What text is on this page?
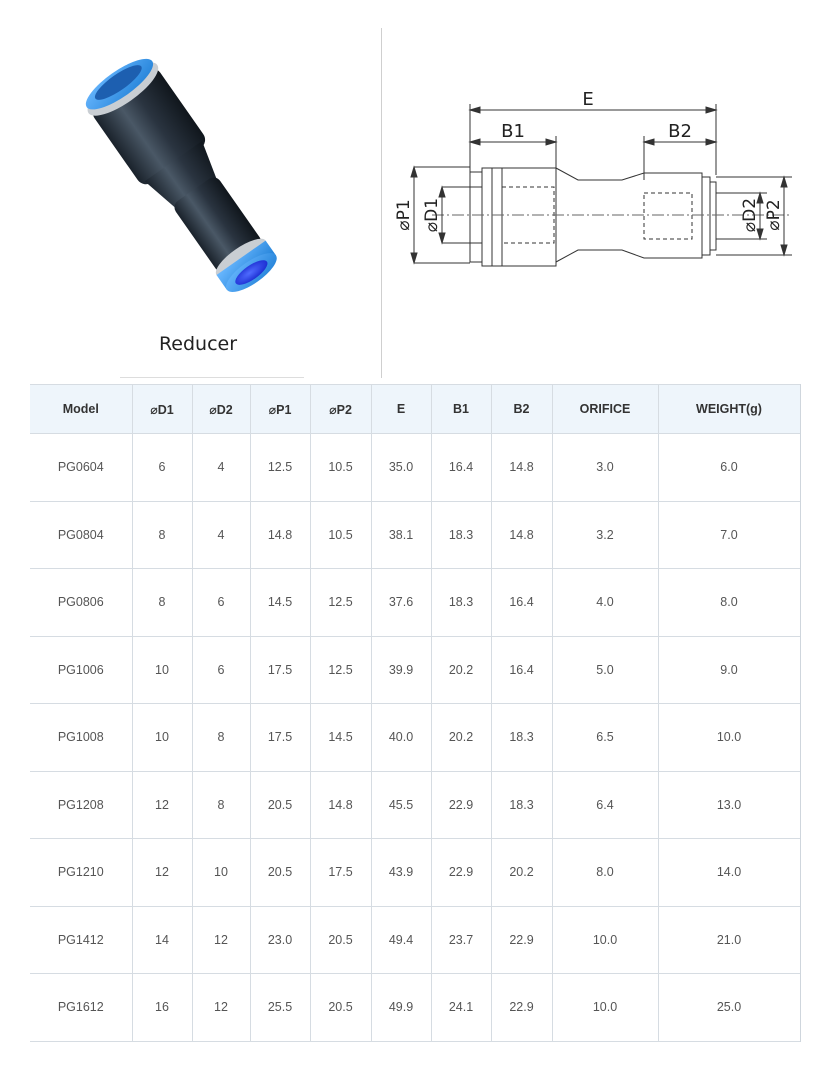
Reducer
E
B1	B2
⌀P1 ⌀D1	⌀D2 ⌀P2
Model	⌀D1	⌀D2	⌀P1	⌀P2	E	B1	B2	ORIFICE	WEIGHT(g)
PG0604	6	4	12.5	10.5	35.0	16.4	14.8	3.0	6.0
PG0804	8	4	14.8	10.5	38.1	18.3	14.8	3.2	7.0
PG0806	8	6	14.5	12.5	37.6	18.3	16.4	4.0	8.0
PG1006	10	6	17.5	12.5	39.9	20.2	16.4	5.0	9.0
PG1008	10	8	17.5	14.5	40.0	20.2	18.3	6.5	10.0
PG1208	12	8	20.5	14.8	45.5	22.9	18.3	6.4	13.0
PG1210	12	10	20.5	17.5	43.9	22.9	20.2	8.0	14.0
PG1412	14	12	23.0	20.5	49.4	23.7	22.9	10.0	21.0
PG1612	16	12	25.5	20.5	49.9	24.1	22.9	10.0	25.0
